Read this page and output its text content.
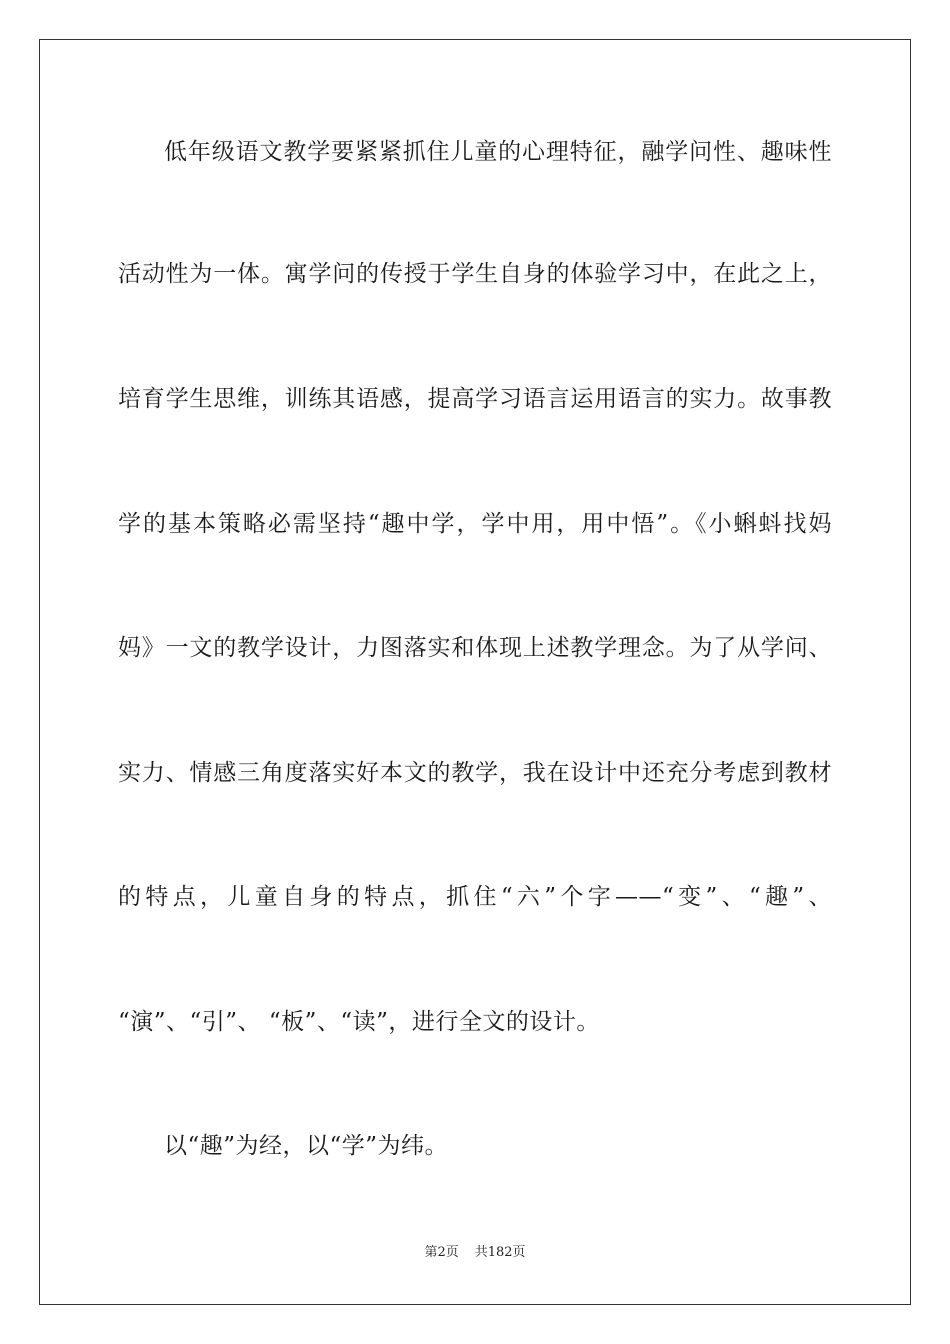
低年级语文教学要紧紧抓住儿童的心理特征，融学问性、趣味性
活动性为一体。寓学问的传授于学生自身的体验学习中，在此之上，
培育学生思维，训练其语感，提高学习语言运用语言的实力。故事教
学的基本策略必需坚持“趣中学，学中用，用中悟”。《小蝌蚪找妈
妈》一文的教学设计，力图落实和体现上述教学理念。为了从学问、
实力、情感三角度落实好本文的教学，我在设计中还充分考虑到教材
的特点，儿童自身的特点，抓住“六”个字——“变”、“趣”、
“演”、“引”、 “板”、“读”，进行全文的设计。
以“趣”为经，以“学”为纬。
第2页 共182页
